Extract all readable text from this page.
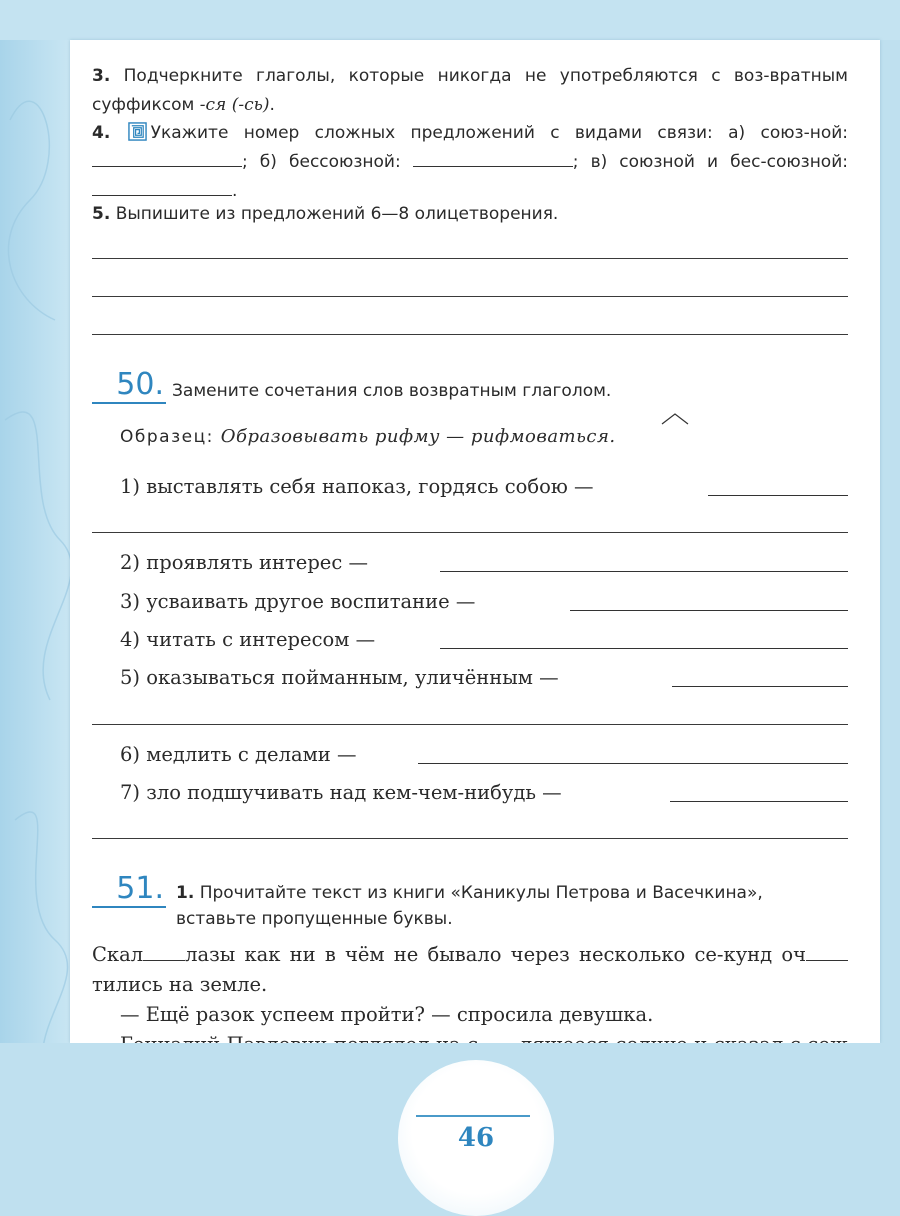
3. Подчеркните глаголы, которые никогда не употребляются с воз-вратным суффиксом -ся (-сь).
4. Укажите номер сложных предложений с видами связи: а) союз-ной: ; б) бессоюзной:	; в) союзной и бес-союзной: .
5. Выпишите из предложений 6—8 олицетворения.
50. Замените сочетания слов возвратным глаголом.
Образец: Образовывать рифму — рифмоваться.
1) выставлять себя напоказ, гордясь собою —
2) проявлять интерес —
3) усваивать другое воспитание —
4) читать с интересом —
5) оказываться пойманным, уличённым —
6) медлить с делами —
7) зло подшучивать над кем-чем-нибудь —
51. 1. Прочитайте текст из книги «Каникулы Петрова и Васечкина», вставьте пропущенные буквы.

Скал лазы как ни в чём не бывало через несколько се-кунд очтились на земле.

— Ещё разок успеем пройти? — спросила девушка.

46
